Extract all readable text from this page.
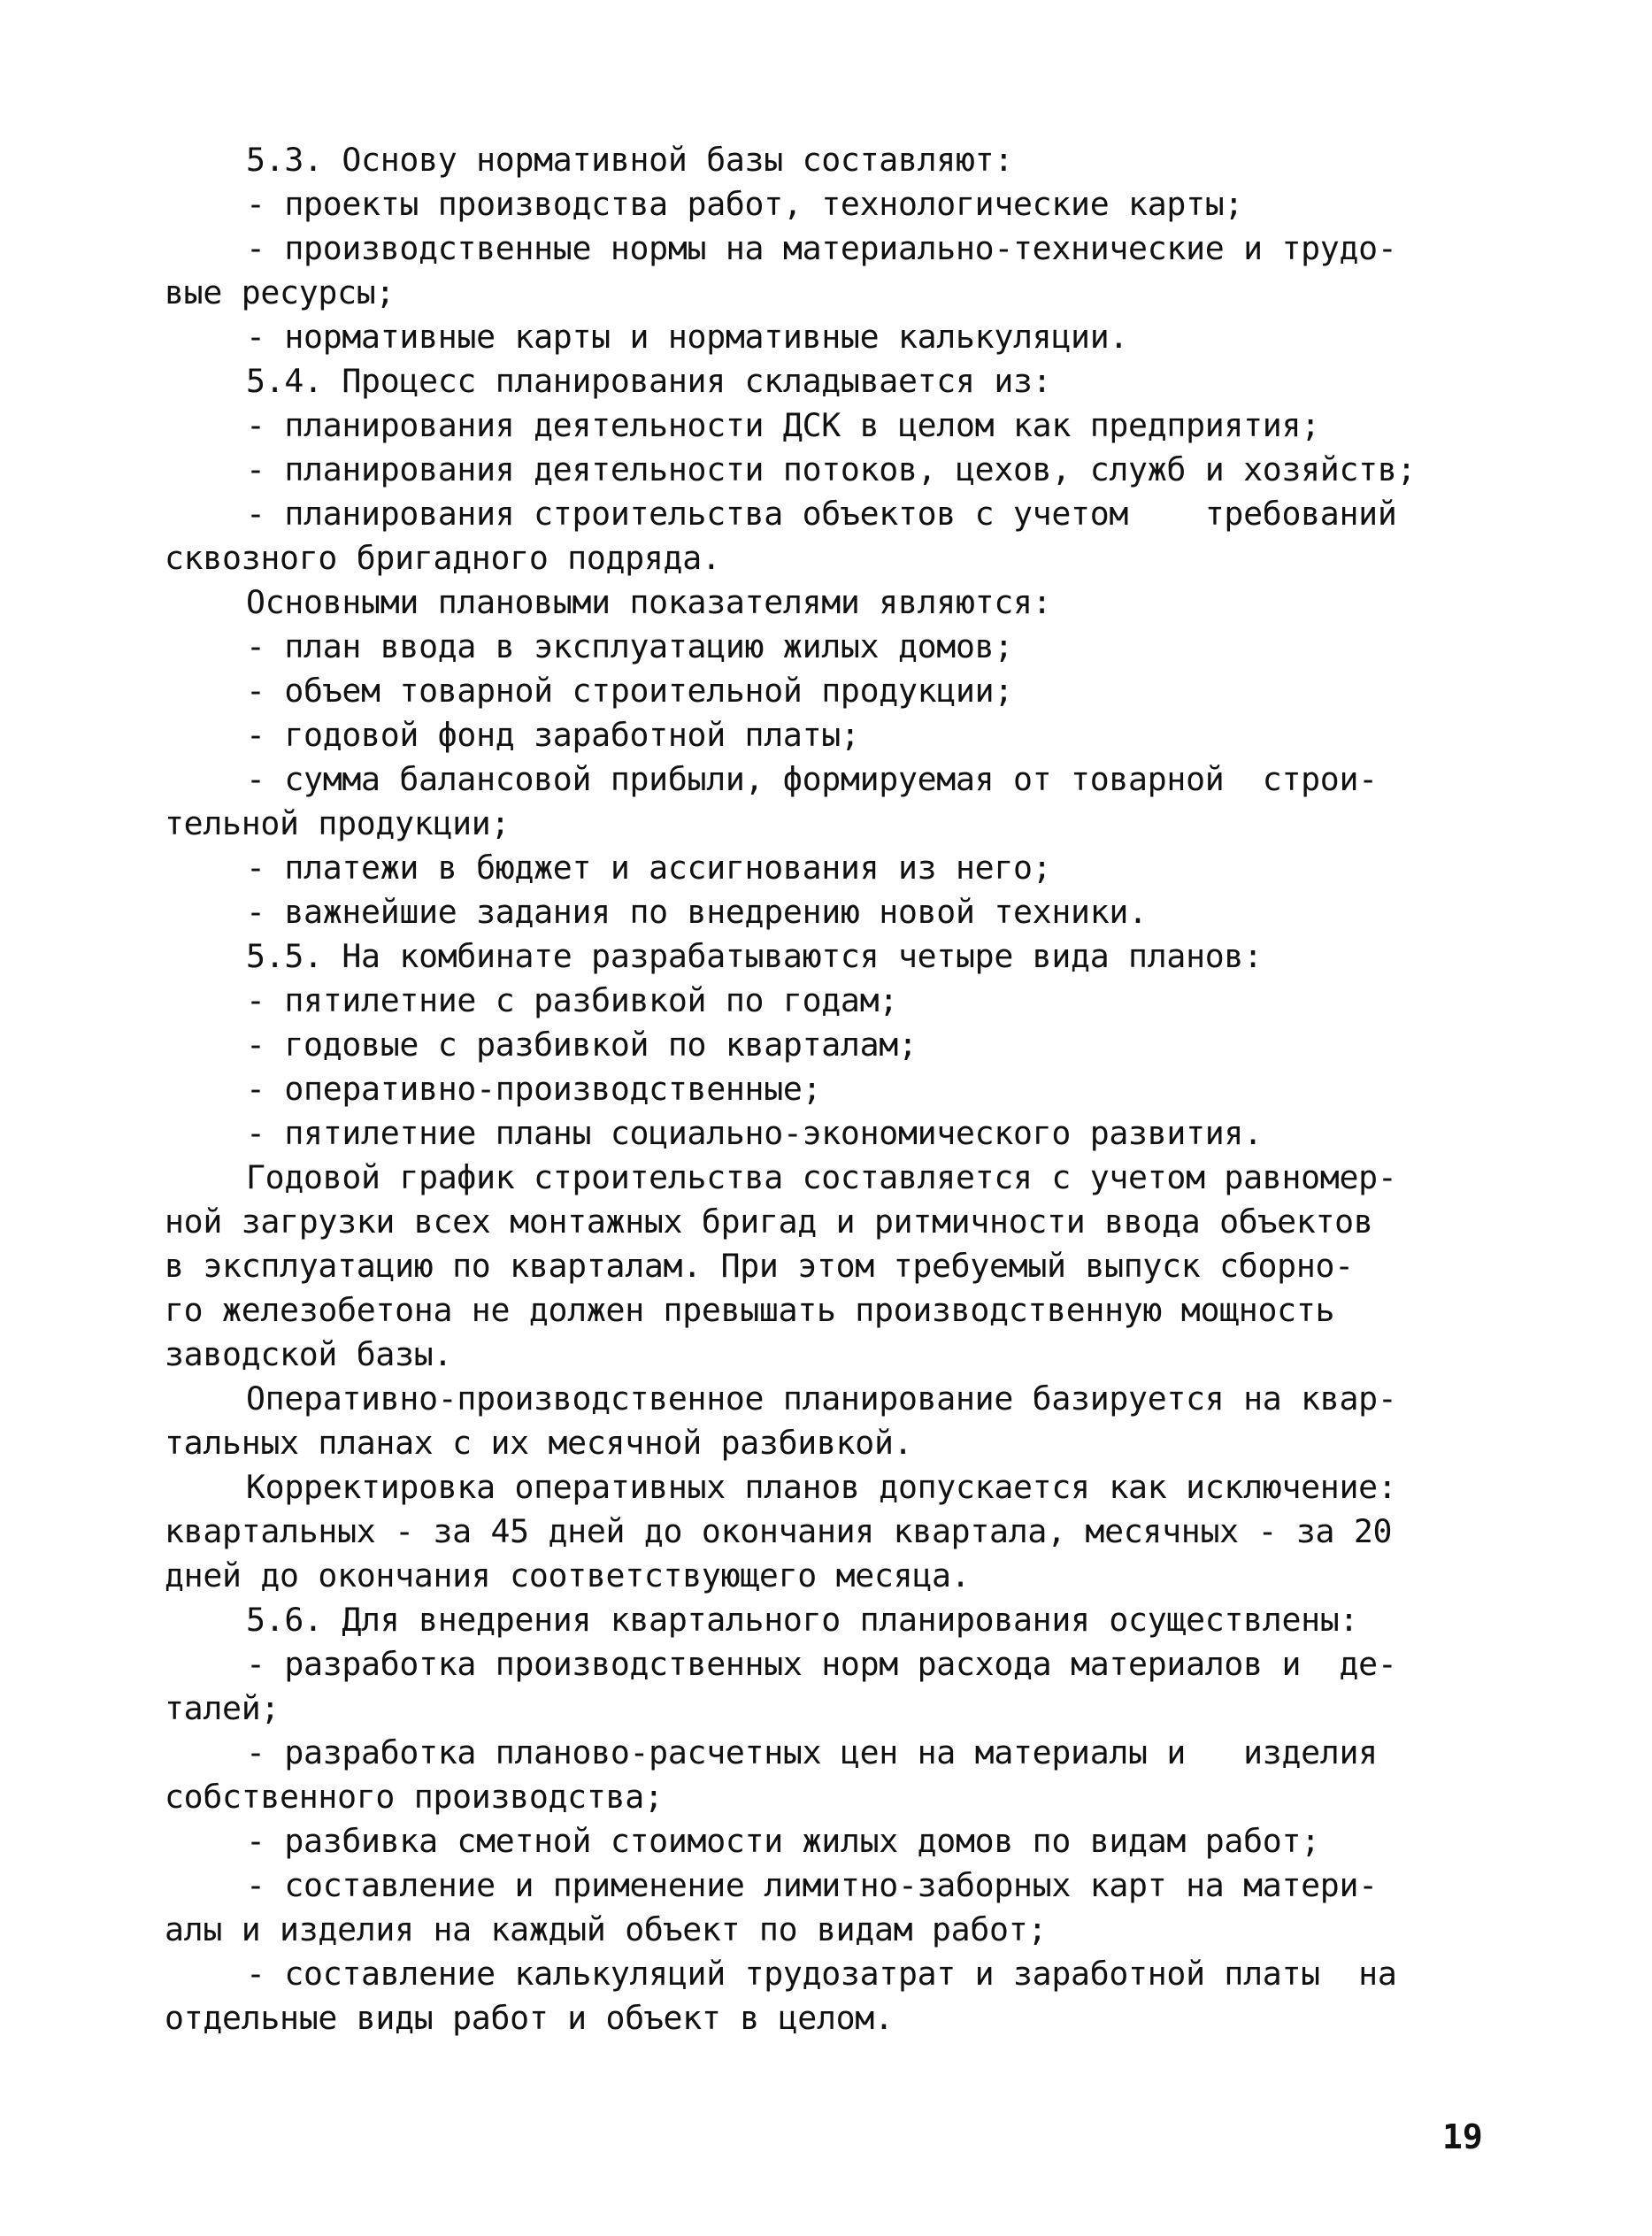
5.3. Основу нормативной базы составляют:
- проекты производства работ, технологические карты;
- производственные нормы на материально-технические и трудо-
вые ресурсы;
- нормативные карты и нормативные калькуляции.
5.4. Процесс планирования складывается из:
- планирования деятельности ДСК в целом как предприятия;
- планирования деятельности потоков, цехов, служб и хозяйств;
- планирования строительства объектов с учетом    требований
сквозного бригадного подряда.
Основными плановыми показателями являются:
- план ввода в эксплуатацию жилых домов;
- объем товарной строительной продукции;
- годовой фонд заработной платы;
- сумма балансовой прибыли, формируемая от товарной  строи-
тельной продукции;
- платежи в бюджет и ассигнования из него;
- важнейшие задания по внедрению новой техники.
5.5. На комбинате разрабатываются четыре вида планов:
- пятилетние с разбивкой по годам;
- годовые с разбивкой по кварталам;
- оперативно-производственные;
- пятилетние планы социально-экономического развития.
Годовой график строительства составляется с учетом равномер-
ной загрузки всех монтажных бригад и ритмичности ввода объектов
в эксплуатацию по кварталам. При этом требуемый выпуск сборно-
го железобетона не должен превышать производственную мощность
заводской базы.
Оперативно-производственное планирование базируется на квар-
тальных планах с их месячной разбивкой.
Корректировка оперативных планов допускается как исключение:
квартальных - за 45 дней до окончания квартала, месячных - за 20
дней до окончания соответствующего месяца.
5.6. Для внедрения квартального планирования осуществлены:
- разработка производственных норм расхода материалов и  де-
талей;
- разработка планово-расчетных цен на материалы и   изделия
собственного производства;
- разбивка сметной стоимости жилых домов по видам работ;
- составление и применение лимитно-заборных карт на матери-
алы и изделия на каждый объект по видам работ;
- составление калькуляций трудозатрат и заработной платы  на
отдельные виды работ и объект в целом.
19
